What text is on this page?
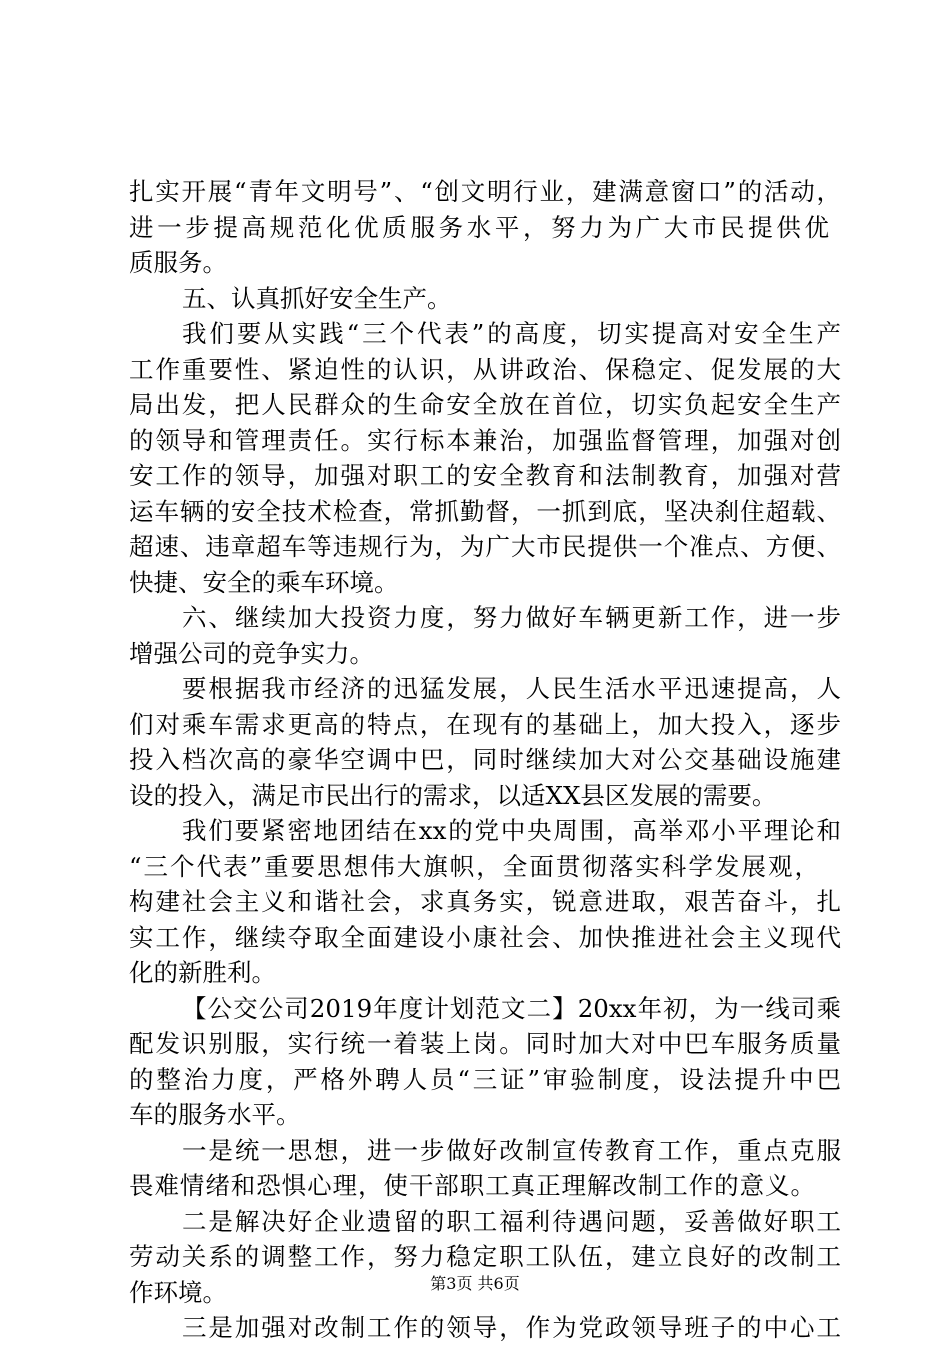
扎实开展“青年文明号”、“创文明行业，建满意窗口”的活动，
进一步提高规范化优质服务水平，努力为广大市民提供优
质服务。
五、认真抓好安全生产。
我们要从实践“三个代表”的高度，切实提高对安全生产
工作重要性、紧迫性的认识，从讲政治、保稳定、促发展的大
局出发，把人民群众的生命安全放在首位，切实负起安全生产
的领导和管理责任。实行标本兼治，加强监督管理，加强对创
安工作的领导，加强对职工的安全教育和法制教育，加强对营
运车辆的安全技术检查，常抓勤督，一抓到底，坚决刹住超载、
超速、违章超车等违规行为，为广大市民提供一个准点、方便、
快捷、安全的乘车环境。
六、继续加大投资力度，努力做好车辆更新工作，进一步
增强公司的竞争实力。
要根据我市经济的迅猛发展，人民生活水平迅速提高，人
们对乘车需求更高的特点，在现有的基础上，加大投入，逐步
投入档次高的豪华空调中巴，同时继续加大对公交基础设施建
设的投入，满足市民出行的需求，以适XX县区发展的需要。
我们要紧密地团结在xx的党中央周围，高举邓小平理论和
“三个代表”重要思想伟大旗帜，全面贯彻落实科学发展观，
构建社会主义和谐社会，求真务实，锐意进取，艰苦奋斗，扎
实工作，继续夺取全面建设小康社会、加快推进社会主义现代
化的新胜利。
【公交公司2019年度计划范文二】20xx年初，为一线司乘
配发识别服，实行统一着装上岗。同时加大对中巴车服务质量
的整治力度，严格外聘人员“三证”审验制度，设法提升中巴
车的服务水平。
一是统一思想，进一步做好改制宣传教育工作，重点克服
畏难情绪和恐惧心理，使干部职工真正理解改制工作的意义。
二是解决好企业遗留的职工福利待遇问题，妥善做好职工
劳动关系的调整工作，努力稳定职工队伍，建立良好的改制工
作环境。
三是加强对改制工作的领导，作为党政领导班子的中心工
第3页 共6页
